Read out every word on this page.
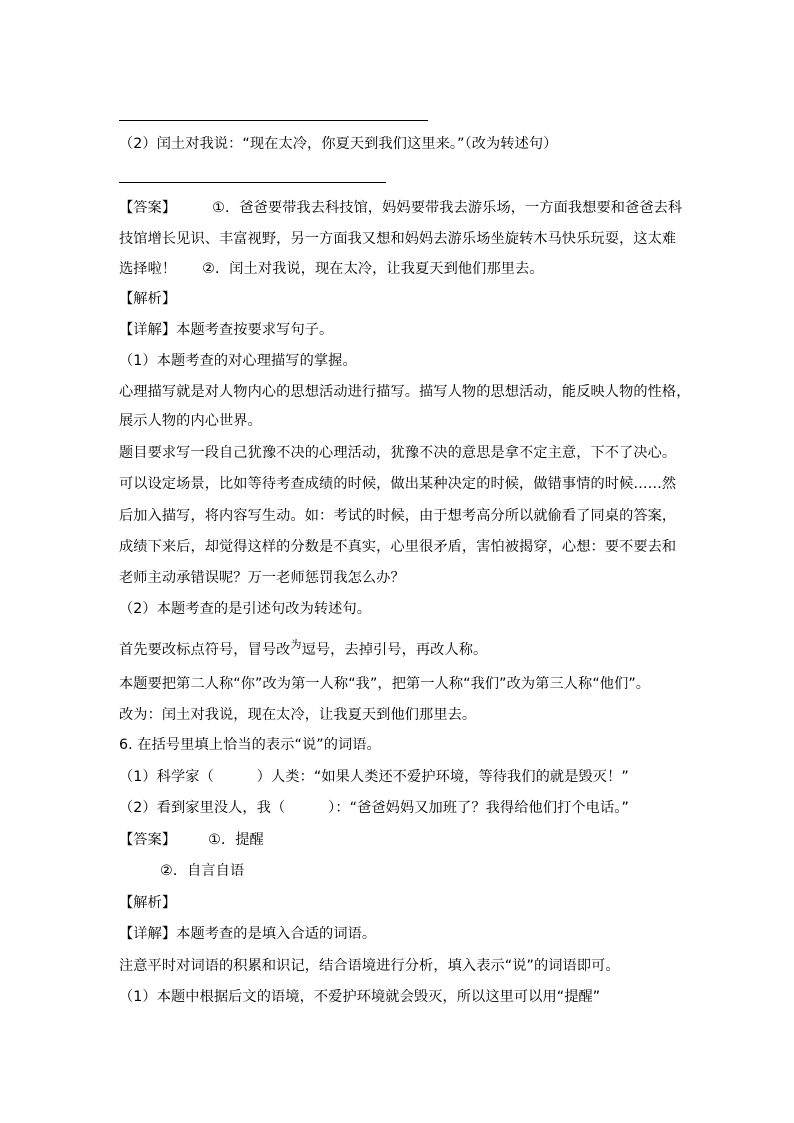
（2）闰土对我说：“现在太冷，你夏天到我们这里来。”（改为转述句）
【答案】	①．爸爸要带我去科技馆，妈妈要带我去游乐场，一方面我想要和爸爸去科
技馆增长见识、丰富视野，另一方面我又想和妈妈去游乐场坐旋转木马快乐玩耍，这太难
选择啦！ ②．闰土对我说，现在太冷，让我夏天到他们那里去。
【解析】
【详解】本题考查按要求写句子。
（1）本题考查的对心理描写的掌握。
心理描写就是对人物内心的思想活动进行描写。描写人物的思想活动，能反映人物的性格，
展示人物的内心世界。
题目要求写一段自己犹豫不决的心理活动，犹豫不决的意思是拿不定主意，下不了决心。
可以设定场景，比如等待考查成绩的时候，做出某种决定的时候，做错事情的时候……然
后加入描写，将内容写生动。如：考试的时候，由于想考高分所以就偷看了同桌的答案，
成绩下来后，却觉得这样的分数是不真实，心里很矛盾，害怕被揭穿，心想：要不要去和
老师主动承错误呢？万一老师惩罚我怎么办？
（2）本题考查的是引述句改为转述句。
首先要改标点符号，冒号改$^为$逗号，去掉引号，再改人称。
本题要把第二人称“你”改为第一人称“我”，把第一人称“我们”改为第三人称“他们”。
改为：闰土对我说，现在太冷，让我夏天到他们那里去。
6. 在括号里填上恰当的表示“说”的词语。
（1）科学家（　　　）人类：“如果人类还不爱护环境，等待我们的就是毁灭！”
（2）看到家里没人，我（　　　）：“爸爸妈妈又加班了？我得给他们打个电话。”
【答案】 ①．提醒
②．自言自语
【解析】
【详解】本题考查的是填入合适的词语。
注意平时对词语的积累和识记，结合语境进行分析，填入表示“说”的词语即可。
（1）本题中根据后文的语境，不爱护环境就会毁灭，所以这里可以用“提醒”
